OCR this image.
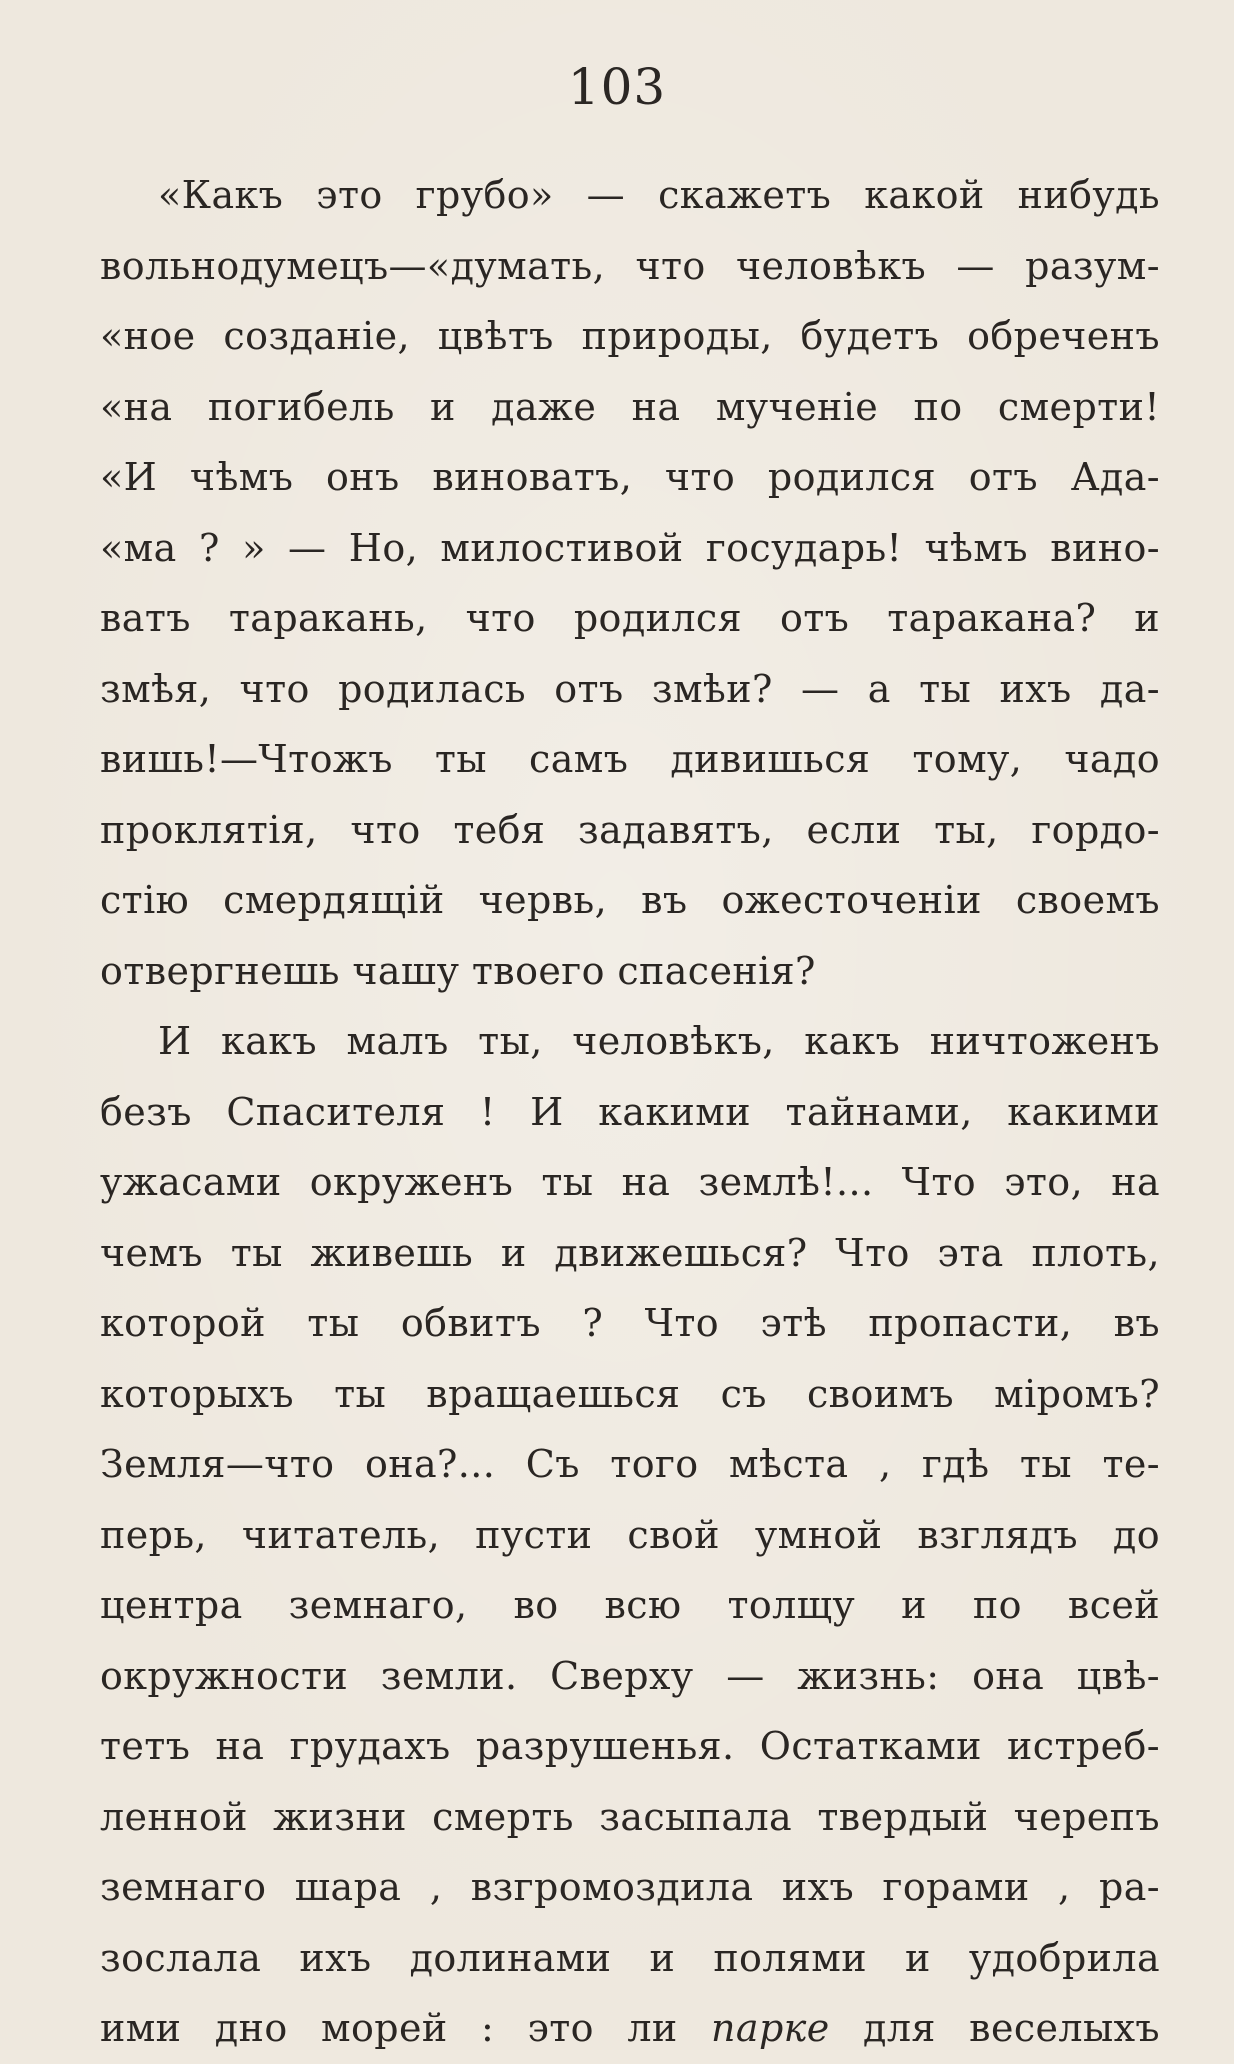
103
«Какъ это грубо» — скажетъ какой нибудь
вольнодумецъ—«думать, что человѣкъ — разум-
«ное созданіе, цвѣтъ природы, будетъ обреченъ
«на погибель и даже на мученіе по смерти!
«И чѣмъ онъ виноватъ, что родился отъ Ада-
«ма ? » — Но, милостивой государь! чѣмъ вино-
ватъ таракань, что родился отъ таракана? и
змѣя, что родилась отъ змѣи? — а ты ихъ да-
вишь!—Чтожъ ты самъ дивишься тому, чадо
проклятія, что тебя задавятъ, если ты, гордо-
стію смердящій червь, въ ожесточеніи своемъ
отвергнешь чашу твоего спасенія?
И какъ малъ ты, человѣкъ, какъ ничтоженъ
безъ Спасителя ! И какими тайнами, какими
ужасами окруженъ ты на землѣ!... Что это, на
чемъ ты живешь и движешься? Что эта плоть,
которой ты обвитъ ? Что этѣ пропасти, въ
которыхъ ты вращаешься съ своимъ міромъ?
Земля—что она?... Съ того мѣста , гдѣ ты те-
перь, читатель, пусти свой умной взглядъ до
центра земнаго, во всю толщу и по всей
окружности земли. Сверху — жизнь: она цвѣ-
тетъ на грудахъ разрушенья. Остатками истреб-
ленной жизни смерть засыпала твердый черепъ
земнаго шара , взгромоздила ихъ горами , ра-
зослала ихъ долинами и полями и удобрила
ими дно морей : это ли парке для веселыхъ
